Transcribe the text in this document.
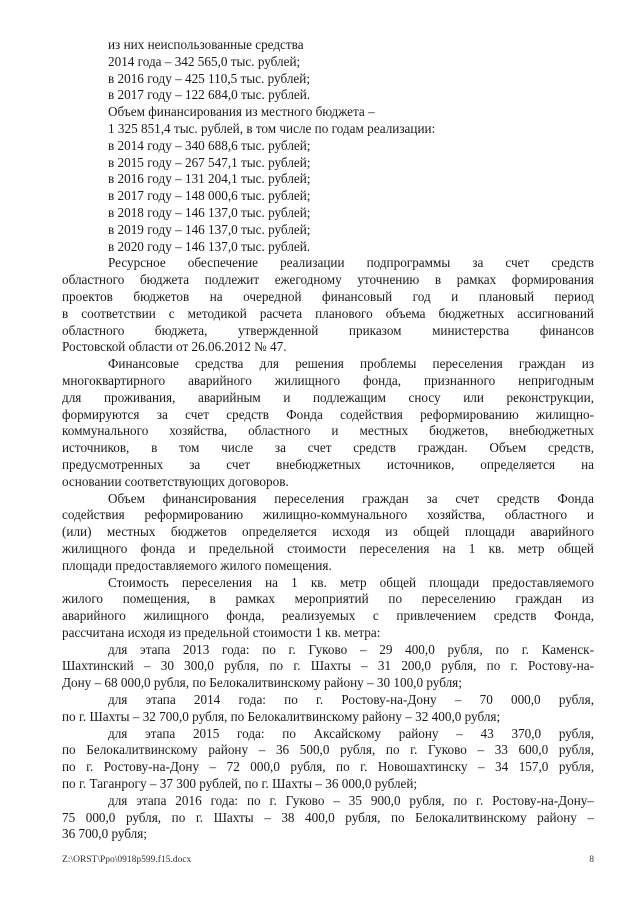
из них неиспользованные средства
2014 года – 342 565,0 тыс. рублей;
в 2016 году – 425 110,5 тыс. рублей;
в 2017 году – 122 684,0 тыс. рублей.
Объем финансирования из местного бюджета –
1 325 851,4 тыс. рублей, в том числе по годам реализации:
в 2014 году – 340 688,6 тыс. рублей;
в 2015 году – 267 547,1 тыс. рублей;
в 2016 году – 131 204,1 тыс. рублей;
в 2017 году – 148 000,6 тыс. рублей;
в 2018 году – 146 137,0 тыс. рублей;
в 2019 году – 146 137,0 тыс. рублей;
в 2020 году – 146 137,0 тыс. рублей.
Ресурсное обеспечение реализации подпрограммы за счет средств
областного бюджета подлежит ежегодному уточнению в рамках формирования
проектов бюджетов на очередной финансовый год и плановый период
в соответствии с методикой расчета планового объема бюджетных ассигнований
областного бюджета, утвержденной приказом министерства финансов
Ростовской области от 26.06.2012 № 47.
Финансовые средства для решения проблемы переселения граждан из
многоквартирного аварийного жилищного фонда, признанного непригодным
для проживания, аварийным и подлежащим сносу или реконструкции,
формируются за счет средств Фонда содействия реформированию жилищно-
коммунального хозяйства, областного и местных бюджетов, внебюджетных
источников, в том числе за счет средств граждан. Объем средств,
предусмотренных за счет внебюджетных источников, определяется на
основании соответствующих договоров.
Объем финансирования переселения граждан за счет средств Фонда
содействия реформированию жилищно-коммунального хозяйства, областного и
(или) местных бюджетов определяется исходя из общей площади аварийного
жилищного фонда и предельной стоимости переселения на 1 кв. метр общей
площади предоставляемого жилого помещения.
Стоимость переселения на 1 кв. метр общей площади предоставляемого
жилого помещения, в рамках мероприятий по переселению граждан из
аварийного жилищного фонда, реализуемых с привлечением средств Фонда,
рассчитана исходя из предельной стоимости 1 кв. метра:
для этапа 2013 года: по г. Гуково – 29 400,0 рубля, по г. Каменск-
Шахтинский – 30 300,0 рубля, по г. Шахты – 31 200,0 рубля, по г. Ростову-на-
Дону – 68 000,0 рубля, по Белокалитвинскому району – 30 100,0 рубля;
для этапа 2014 года: по г. Ростову-на-Дону – 70 000,0 рубля,
по г. Шахты – 32 700,0 рубля, по Белокалитвинскому району – 32 400,0 рубля;
для этапа 2015 года: по Аксайскому району – 43 370,0 рубля,
по Белокалитвинскому району – 36 500,0 рубля, по г. Гуково – 33 600,0 рубля,
по г. Ростову-на-Дону – 72 000,0 рубля, по г. Новошахтинску – 34 157,0 рубля,
по г. Таганрогу – 37 300 рублей, по г. Шахты – 36 000,0 рублей;
для этапа 2016 года: по г. Гуково – 35 900,0 рубля, по г. Ростову-на-Дону–
75 000,0 рубля, по г. Шахты – 38 400,0 рубля, по Белокалитвинскому району –
36 700,0 рубля;
Z:\ORST\Ppo\0918p599.f15.docx	8
